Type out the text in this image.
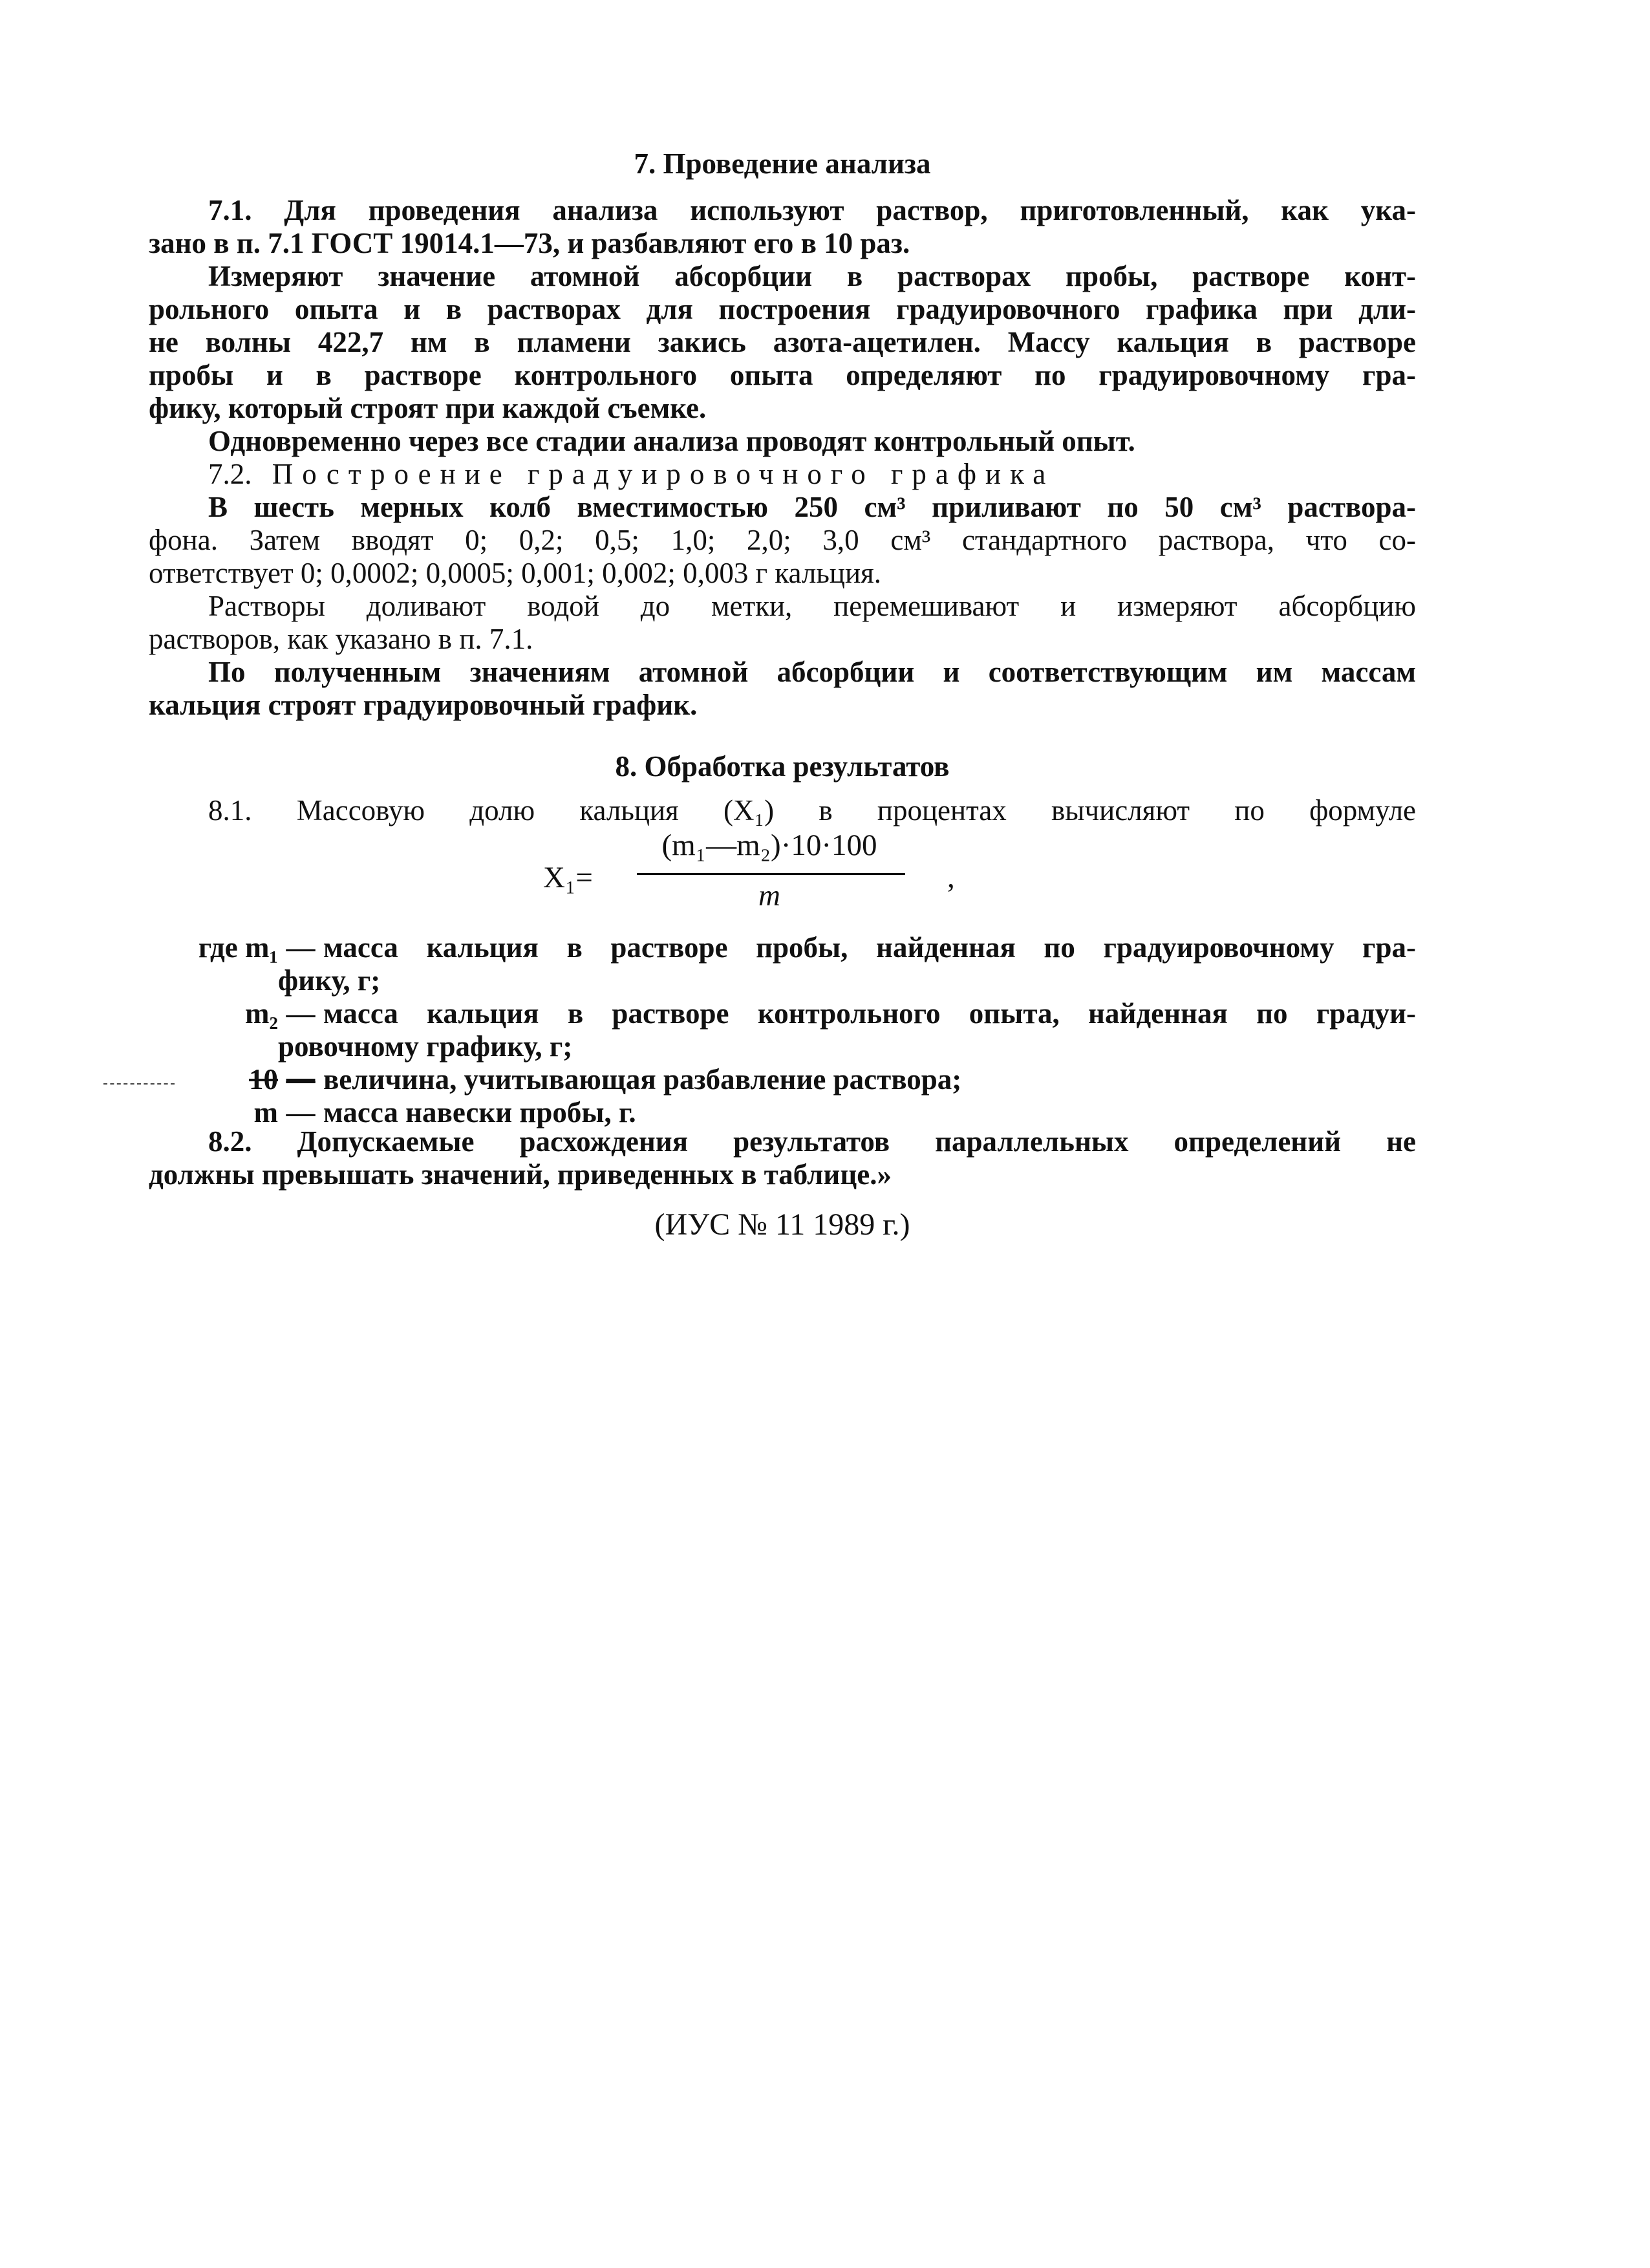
7. Проведение анализа
7.1. Для проведения анализа используют раствор, приготовленный, как ука-
зано в п. 7.1 ГОСТ 19014.1—73, и разбавляют его в 10 раз.
Измеряют значение атомной абсорбции в растворах пробы, растворе конт-
рольного опыта и в растворах для построения градуировочного графика при дли-
не волны 422,7 нм в пламени закись азота-ацетилен. Массу кальция в растворе
пробы и в растворе контрольного опыта определяют по градуировочному гра-
фику, который строят при каждой съемке.
Одновременно через все стадии анализа проводят контрольный опыт.
7.2. Построение градуировочного графика
В шесть мерных колб вместимостью 250 см³ приливают по 50 см³ раствора-
фона. Затем вводят 0; 0,2; 0,5; 1,0; 2,0; 3,0 см³ стандартного раствора, что со-
ответствует 0; 0,0002; 0,0005; 0,001; 0,002; 0,003 г кальция.
Растворы доливают водой до метки, перемешивают и измеряют абсорбцию
растворов, как указано в п. 7.1.
По полученным значениям атомной абсорбции и соответствующим им массам
кальция строят градуировочный график.
8. Обработка результатов
8.1. Массовую долю кальция (X₁) в процентах вычисляют по формуле
X₁=
(m₁—m₂)·10·100
m
,
где m₁ — масса кальция в растворе пробы, найденная по градуировочному гра-
фику, г;
m₂ — масса кальция в растворе контрольного опыта, найденная по градуи-
ровочному графику, г;
10 — величина, учитывающая разбавление раствора;
m — масса навески пробы, г.
8.2. Допускаемые расхождения результатов параллельных определений не
должны превышать значений, приведенных в таблице.»
(ИУС № 11 1989 г.)
